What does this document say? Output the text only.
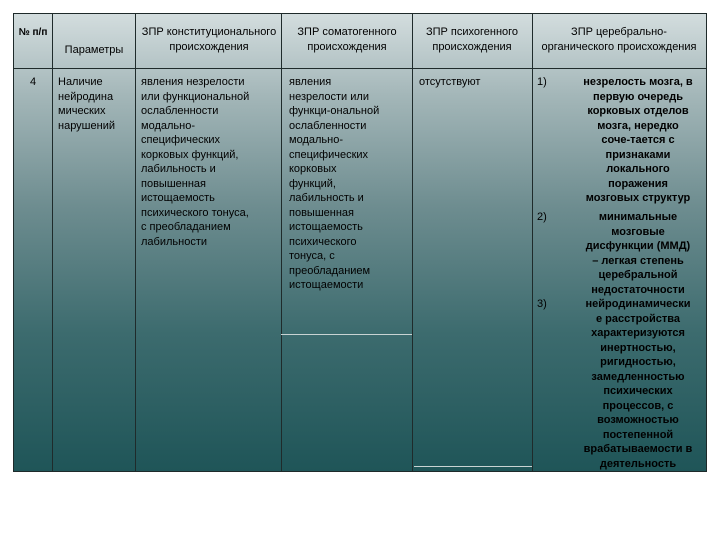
№ п/п
Параметры
ЗПР конституционального происхождения
ЗПР соматогенного происхождения
ЗПР психогенного происхождения
ЗПР церебрально-органического происхождения
4	Наличие
нейродина
мических
нарушений
явления незрелости
или функциональной
ослабленности
модально-
специфических
корковых функций,
лабильность и
повышенная
истощаемость
психического тонуса,
с преобладанием
лабильности
явления
незрелости или
функци-ональной
ослабленности
модально-
специфических
корковых
функций,
лабильность и
повышенная
истощаемость
психического
тонуса, с
преобладанием
истощаемости
отсутствуют	1)
2)
3)
незрелость мозга, в
первую очередь
корковых отделов
мозга, нередко
соче-тается с
признаками
локального
поражения
мозговых структур
минимальные
мозговые
дисфункции (ММД)
– легкая степень
церебральной
недостаточности
нейродинамически
е расстройства
характеризуются
инертностью,
ригидностью,
замедленностью
психических
процессов, с
возможностью
постепенной
врабатываемости в
деятельность
